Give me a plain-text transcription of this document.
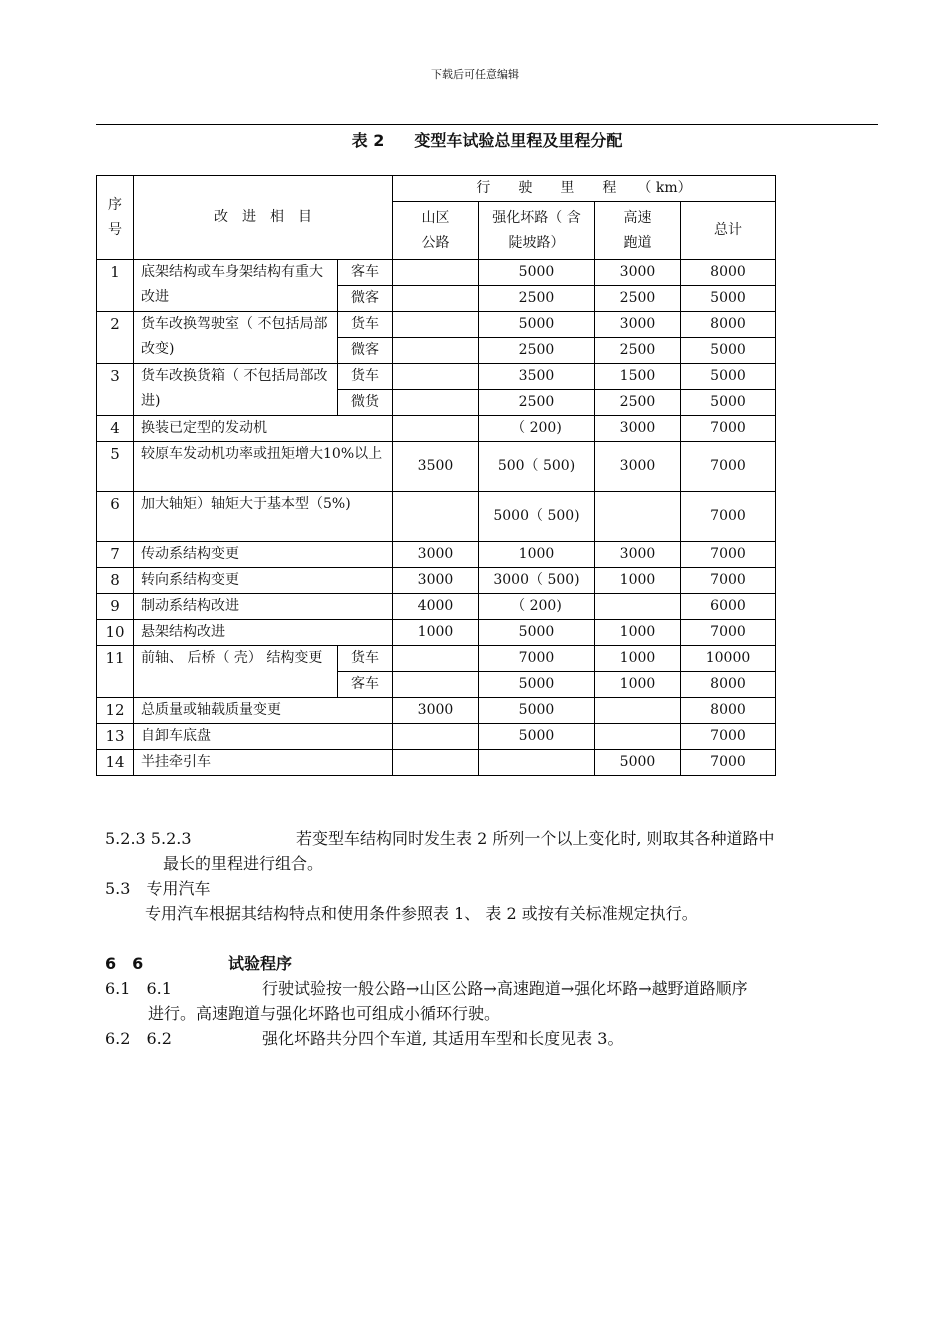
下载后可任意编辑
表 2 变型车试验总里程及里程分配
序号	改　进　相　目		行　　驶　　里　　程　　（ km）			
			山区公路	强化坏路（ 含陡坡路）	高速跑道	总计
1	底架结构或车身架结构有重大改进	客车		5000	3000	8000
		微客		2500	2500	5000
2	货车改换驾驶室（ 不包括局部改变)	货车		5000	3000	8000
		微客		2500	2500	5000
3	货车改换货箱（ 不包括局部改进)	货车		3500	1500	5000
		微货		2500	2500	5000
4	换装已定型的发动机			（ 200)	3000	7000
5	较原车发动机功率或扭矩增大10%以上		3500	500（ 500)	3000	7000
6	加大轴矩）轴矩大于基本型（5%)			5000（ 500)		7000
7	传动系结构变更		3000	1000	3000	7000
8	转向系结构变更		3000	3000（ 500)	1000	7000
9	制动系结构改进		4000	（ 200)		6000
10	悬架结构改进		1000	5000	1000	7000
11	前轴、 后桥（ 壳） 结构变更	货车		7000	1000	10000
		客车		5000	1000	8000
12	总质量或轴载质量变更		3000	5000		8000
13	自卸车底盘			5000		7000
14	半挂牵引车				5000	7000
5.2.3 5.2.3	若变型车结构同时发生表 2 所列一个以上变化时, 则取其各种道路中
最长的里程进行组合。
5.3　专用汽车
专用汽车根据其结构特点和使用条件参照表 1、 表 2 或按有关标准规定执行。
6　6	试验程序
6.1　6.1	行驶试验按一般公路→山区公路→高速跑道→强化坏路→越野道路顺序
进行。高速跑道与强化坏路也可组成小循环行驶。
6.2　6.2	强化坏路共分四个车道, 其适用车型和长度见表 3。
